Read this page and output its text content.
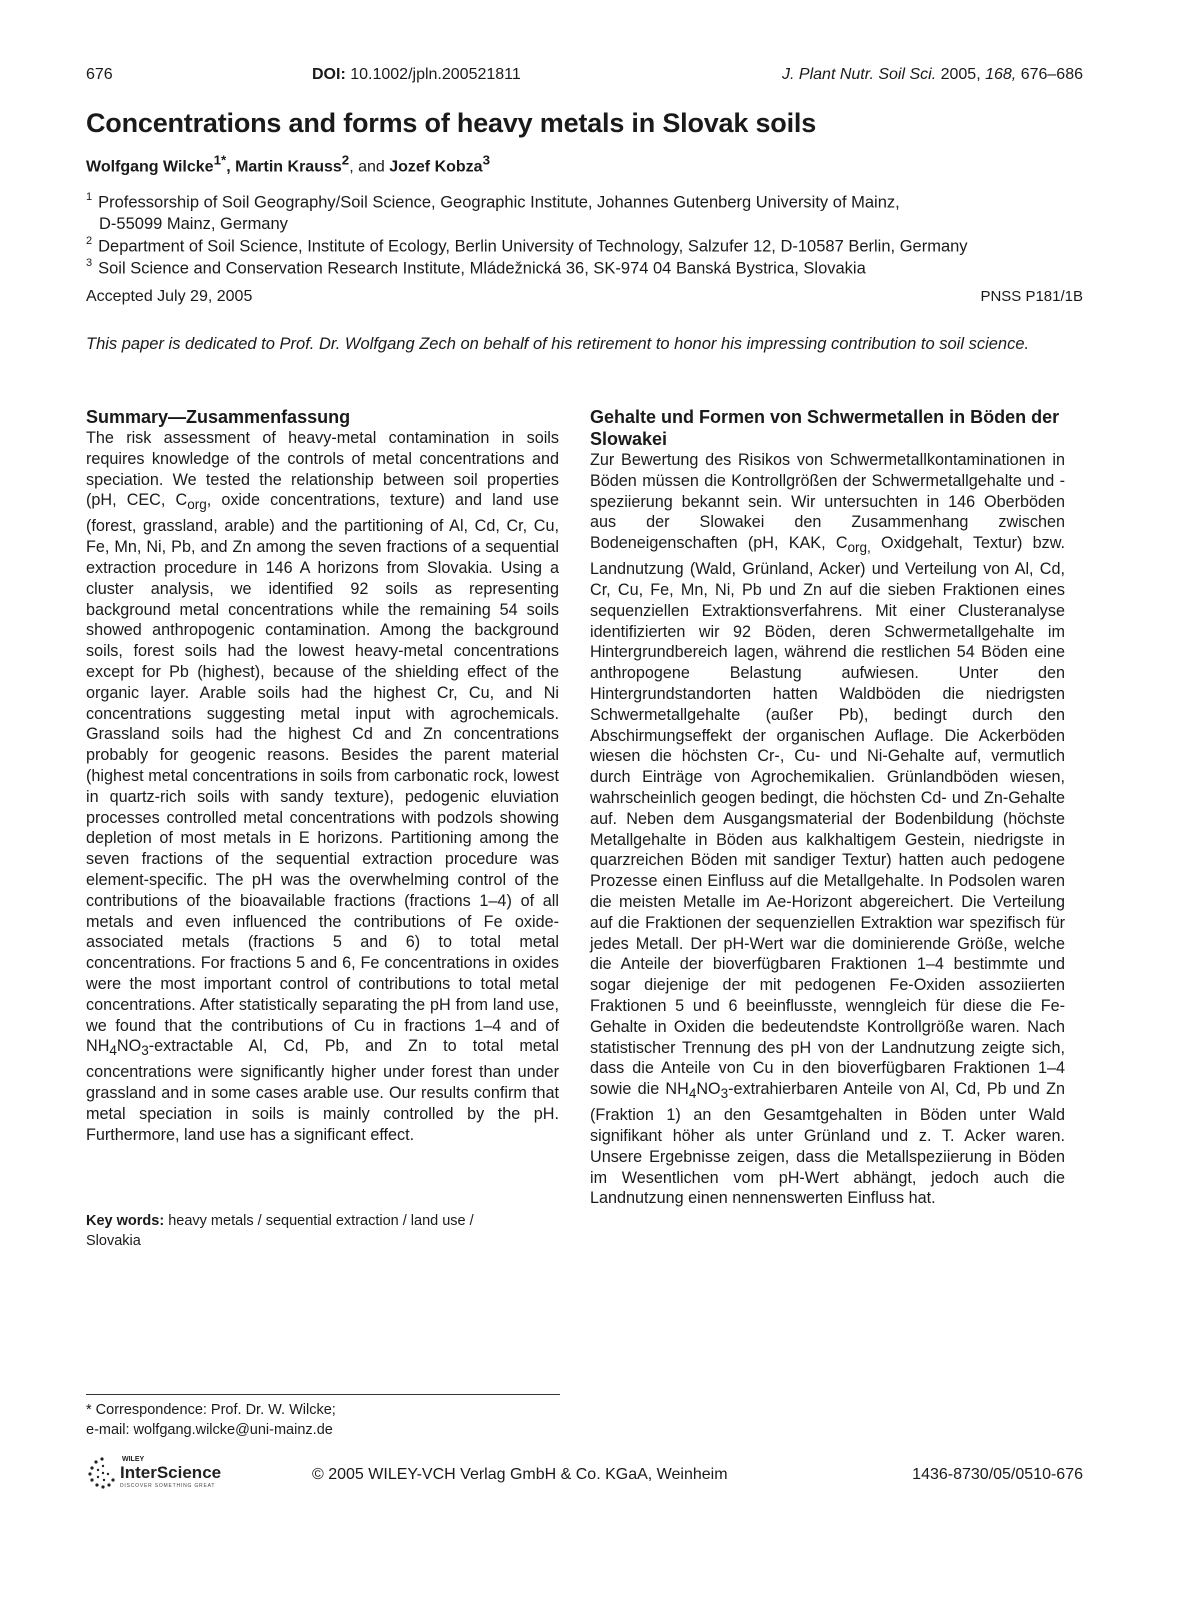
676	DOI: 10.1002/jpln.200521811	J. Plant Nutr. Soil Sci. 2005, 168, 676–686
Concentrations and forms of heavy metals in Slovak soils
Wolfgang Wilcke$^{1*}$, Martin Krauss$^2$, and Jozef Kobza$^3$
$^1$ Professorship of Soil Geography/Soil Science, Geographic Institute, Johannes Gutenberg University of Mainz,
D-55099 Mainz, Germany
$^2$ Department of Soil Science, Institute of Ecology, Berlin University of Technology, Salzufer 12, D-10587 Berlin, Germany
$^3$ Soil Science and Conservation Research Institute, Mládežnická 36, SK-974 04 Banská Bystrica, Slovakia
Accepted July 29, 2005	PNSS P181/1B
This paper is dedicated to Prof. Dr. Wolfgang Zech on behalf of his retirement to honor his impressing contribution to soil science.
Summary—Zusammenfassung

The risk assessment of heavy-metal contamination in soils requires knowledge of the controls of metal concentrations and speciation. We tested the relationship between soil properties (pH, CEC, $C_{org}$, oxide concentrations, texture) and land use (forest, grassland, arable) and the partitioning of Al, Cd, Cr, Cu, Fe, Mn, Ni, Pb, and Zn among the seven fractions of a sequential extraction procedure in 146 A horizons from Slovakia. Using a cluster analysis, we identified 92 soils as representing background metal concentrations while the remaining 54 soils showed anthropogenic contamination. Among the background soils, forest soils had the lowest heavy-metal concentrations except for Pb (highest), because of the shielding effect of the organic layer. Arable soils had the highest Cr, Cu, and Ni concentrations suggesting metal input with agrochemicals. Grassland soils had the highest Cd and Zn concentrations probably for geogenic reasons. Besides the parent material (highest metal concentrations in soils from carbonatic rock, lowest in quartz-rich soils with sandy texture), pedogenic eluviation processes controlled metal concentrations with podzols showing depletion of most metals in E horizons. Partitioning among the seven fractions of the sequential extraction procedure was element-specific. The pH was the overwhelming control of the contributions of the bioavailable fractions (fractions 1–4) of all metals and even influenced the contributions of Fe oxide-associated metals (fractions 5 and 6) to total metal concentrations. For fractions 5 and 6, Fe concentrations in oxides were the most important control of contributions to total metal concentrations. After statistically separating the pH from land use, we found that the contributions of Cu in fractions 1–4 and of $NH_4NO_3$-extractable Al, Cd, Pb, and Zn to total metal concentrations were significantly higher under forest than under grassland and in some cases arable use. Our results confirm that metal speciation in soils is mainly controlled by the pH. Furthermore, land use has a significant effect.

Gehalte und Formen von Schwermetallen in Böden der Slowakei

Zur Bewertung des Risikos von Schwermetallkontaminationen in Böden müssen die Kontrollgrößen der Schwermetallgehalte und -speziierung bekannt sein. Wir untersuchten in 146 Oberböden aus der Slowakei den Zusammenhang zwischen Bodeneigenschaften (pH, KAK, $C_{org,}$ Oxidgehalt, Textur) bzw. Landnutzung (Wald, Grünland, Acker) und Verteilung von Al, Cd, Cr, Cu, Fe, Mn, Ni, Pb und Zn auf die sieben Fraktionen eines sequenziellen Extraktionsverfahrens. Mit einer Clusteranalyse identifizierten wir 92 Böden, deren Schwermetallgehalte im Hintergrundbereich lagen, während die restlichen 54 Böden eine anthropogene Belastung aufwiesen. Unter den Hintergrundstandorten hatten Waldböden die niedrigsten Schwermetallgehalte (außer Pb), bedingt durch den Abschirmungseffekt der organischen Auflage. Die Ackerböden wiesen die höchsten Cr-, Cu- und Ni-Gehalte auf, vermutlich durch Einträge von Agrochemikalien. Grünlandböden wiesen, wahrscheinlich geogen bedingt, die höchsten Cd- und Zn-Gehalte auf. Neben dem Ausgangsmaterial der Bodenbildung (höchste Metallgehalte in Böden aus kalkhaltigem Gestein, niedrigste in quarzreichen Böden mit sandiger Textur) hatten auch pedogene Prozesse einen Einfluss auf die Metallgehalte. In Podsolen waren die meisten Metalle im Ae-Horizont abgereichert. Die Verteilung auf die Fraktionen der sequenziellen Extraktion war spezifisch für jedes Metall. Der pH-Wert war die dominierende Größe, welche die Anteile der bioverfügbaren Fraktionen 1–4 bestimmte und sogar diejenige der mit pedogenen Fe-Oxiden assoziierten Fraktionen 5 und 6 beeinflusste, wenngleich für diese die Fe-Gehalte in Oxiden die bedeutendste Kontrollgröße waren. Nach statistischer Trennung des pH von der Landnutzung zeigte sich, dass die Anteile von Cu in den bioverfügbaren Fraktionen 1–4 sowie die $NH_4NO_3$-extrahierbaren Anteile von Al, Cd, Pb und Zn (Fraktion 1) an den Gesamtgehalten in Böden unter Wald signifikant höher als unter Grünland und z. T. Acker waren. Unsere Ergebnisse zeigen, dass die Metallspeziierung in Böden im Wesentlichen vom pH-Wert abhängt, jedoch auch die Landnutzung einen nennenswerten Einfluss hat.

Key words: heavy metals / sequential extraction / land use / Slovakia
* Correspondence: Prof. Dr. W. Wilcke;
e-mail: wolfgang.wilcke@uni-mainz.de
WILEY
InterScience
DISCOVER SOMETHING GREAT
© 2005 WILEY-VCH Verlag GmbH & Co. KGaA, Weinheim	1436-8730/05/0510-676
